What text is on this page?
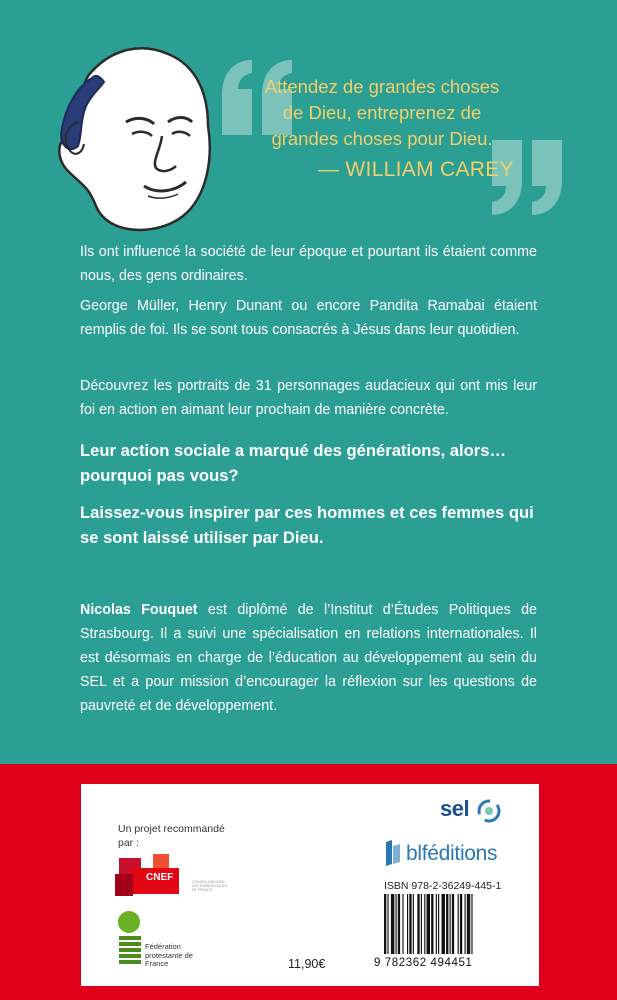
Attendez de grandes choses
de Dieu, entreprenez de
grandes choses pour Dieu.
— WILLIAM CAREY

Ils ont influencé la société de leur époque et pourtant ils étaient comme nous, des gens ordinaires.

George Müller, Henry Dunant ou encore Pandita Ramabai étaient remplis de foi. Ils se sont tous consacrés à Jésus dans leur quotidien.

Découvrez les portraits de 31 personnages audacieux qui ont mis leur foi en action en aimant leur prochain de manière concrète.

Leur action sociale a marqué des générations, alors… pourquoi pas vous?

Laissez-vous inspirer par ces hommes et ces femmes qui se sont laissé utiliser par Dieu.

Nicolas Fouquet est diplômé de l’Institut d’Études Politiques de Strasbourg. Il a suivi une spécialisation en relations internationales. Il est désormais en charge de l’éducation au développement au sein du SEL et a pour mission d’encourager la réflexion sur les questions de pauvreté et de développement.

sel
blféditions
Un projet recommandé par :
CNEF	CONSEIL NATIONAL DES ÉVANGÉLIQUES DE FRANCE
Fédération protestante de France
ISBN 978-2-36249-445-1
9 782362 494451
11,90€
